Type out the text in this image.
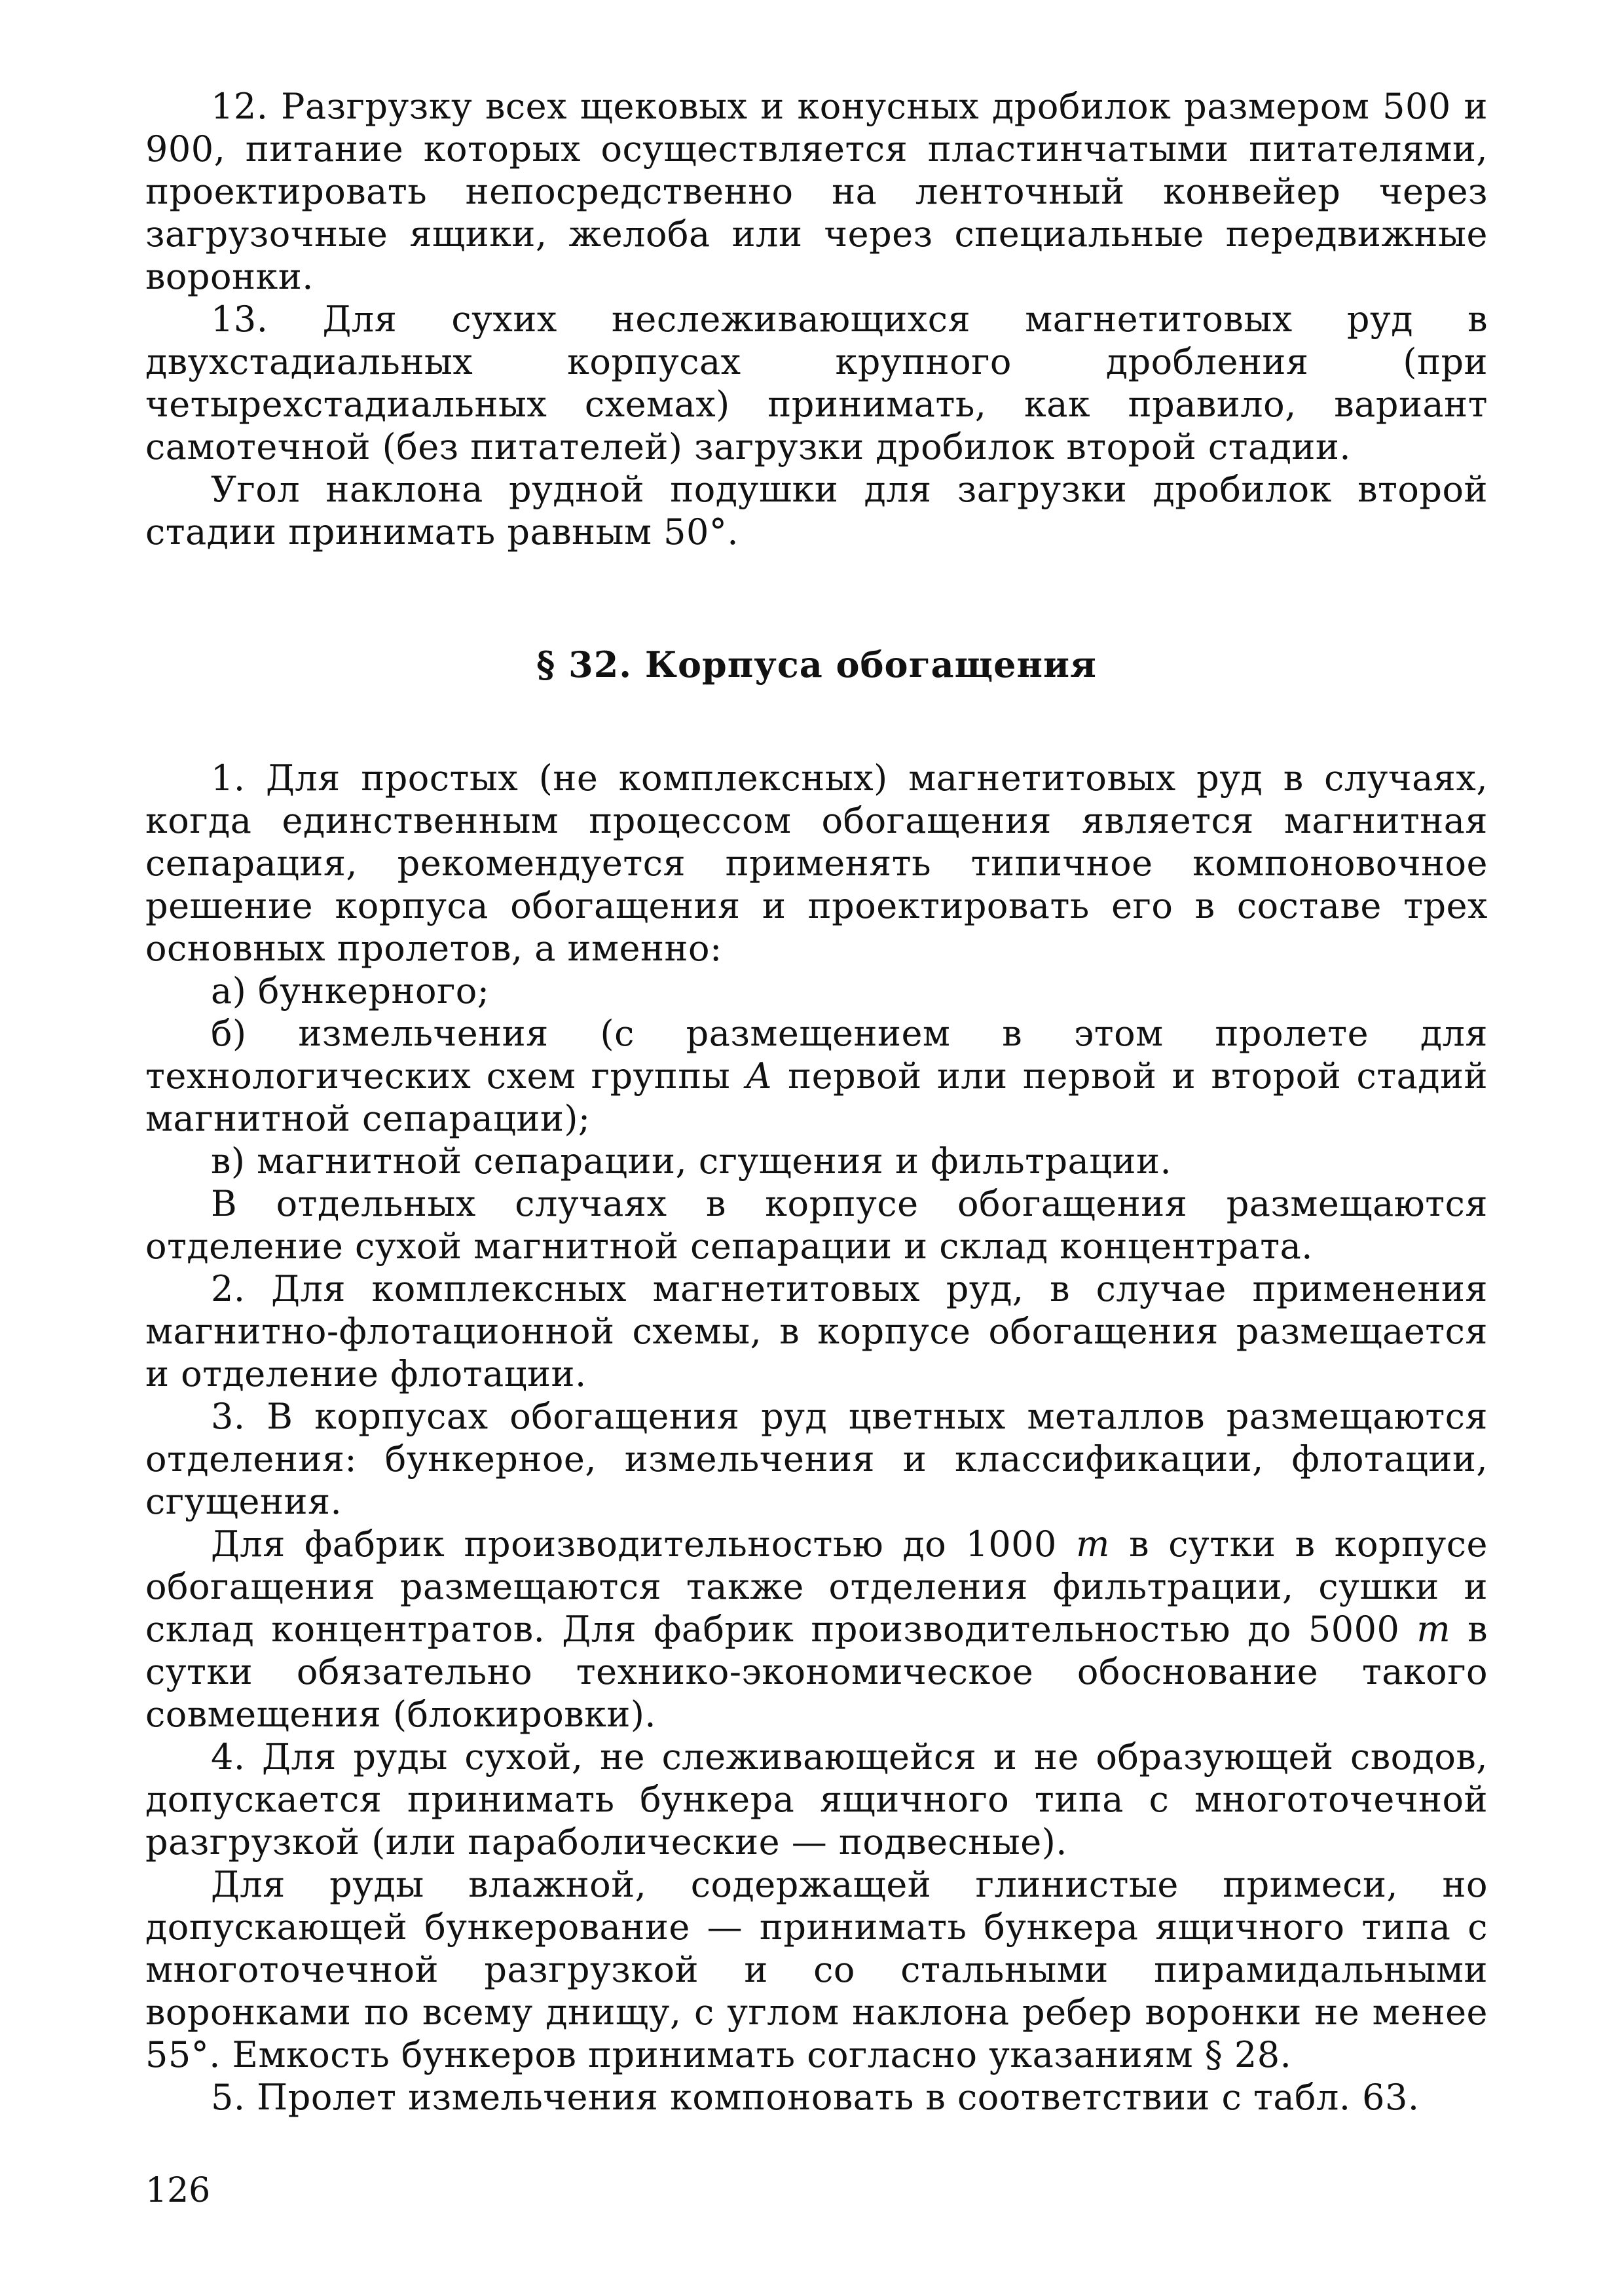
12. Разгрузку всех щековых и конусных дробилок размером 500 и 900, питание которых осуществляется пластинчатыми питателями, проектировать непосредственно на ленточный конвейер через загрузочные ящики, желоба или через специальные передвижные воронки.

13. Для сухих неслеживающихся магнетитовых руд в двухстадиальных корпусах крупного дробления (при четырехстадиальных схемах) принимать, как правило, вариант самотечной (без питателей) загрузки дробилок второй стадии.

Угол наклона рудной подушки для загрузки дробилок второй стадии принимать равным 50°.

§ 32. Корпуса обогащения

1. Для простых (не комплексных) магнетитовых руд в случаях, когда единственным процессом обогащения является магнитная сепарация, рекомендуется применять типичное компоновочное решение корпуса обогащения и проектировать его в составе трех основных пролетов, а именно:

а) бункерного;

б) измельчения (с размещением в этом пролете для технологических схем группы А первой или первой и второй стадий магнитной сепарации);

в) магнитной сепарации, сгущения и фильтрации.

В отдельных случаях в корпусе обогащения размещаются отделение сухой магнитной сепарации и склад концентрата.

2. Для комплексных магнетитовых руд, в случае применения магнитно-флотационной схемы, в корпусе обогащения размещается и отделение флотации.

3. В корпусах обогащения руд цветных металлов размещаются отделения: бункерное, измельчения и классификации, флотации, сгущения.

Для фабрик производительностью до 1000 т в сутки в корпусе обогащения размещаются также отделения фильтрации, сушки и склад концентратов. Для фабрик производительностью до 5000 т в сутки обязательно технико-экономическое обоснование такого совмещения (блокировки).

4. Для руды сухой, не слеживающейся и не образующей сводов, допускается принимать бункера ящичного типа с многоточечной разгрузкой (или параболические — подвесные).

Для руды влажной, содержащей глинистые примеси, но допускающей бункерование — принимать бункера ящичного типа с многоточечной разгрузкой и со стальными пирамидальными воронками по всему днищу, с углом наклона ребер воронки не менее 55°. Емкость бункеров принимать согласно указаниям § 28.

5. Пролет измельчения компоновать в соответствии с табл. 63.

126
